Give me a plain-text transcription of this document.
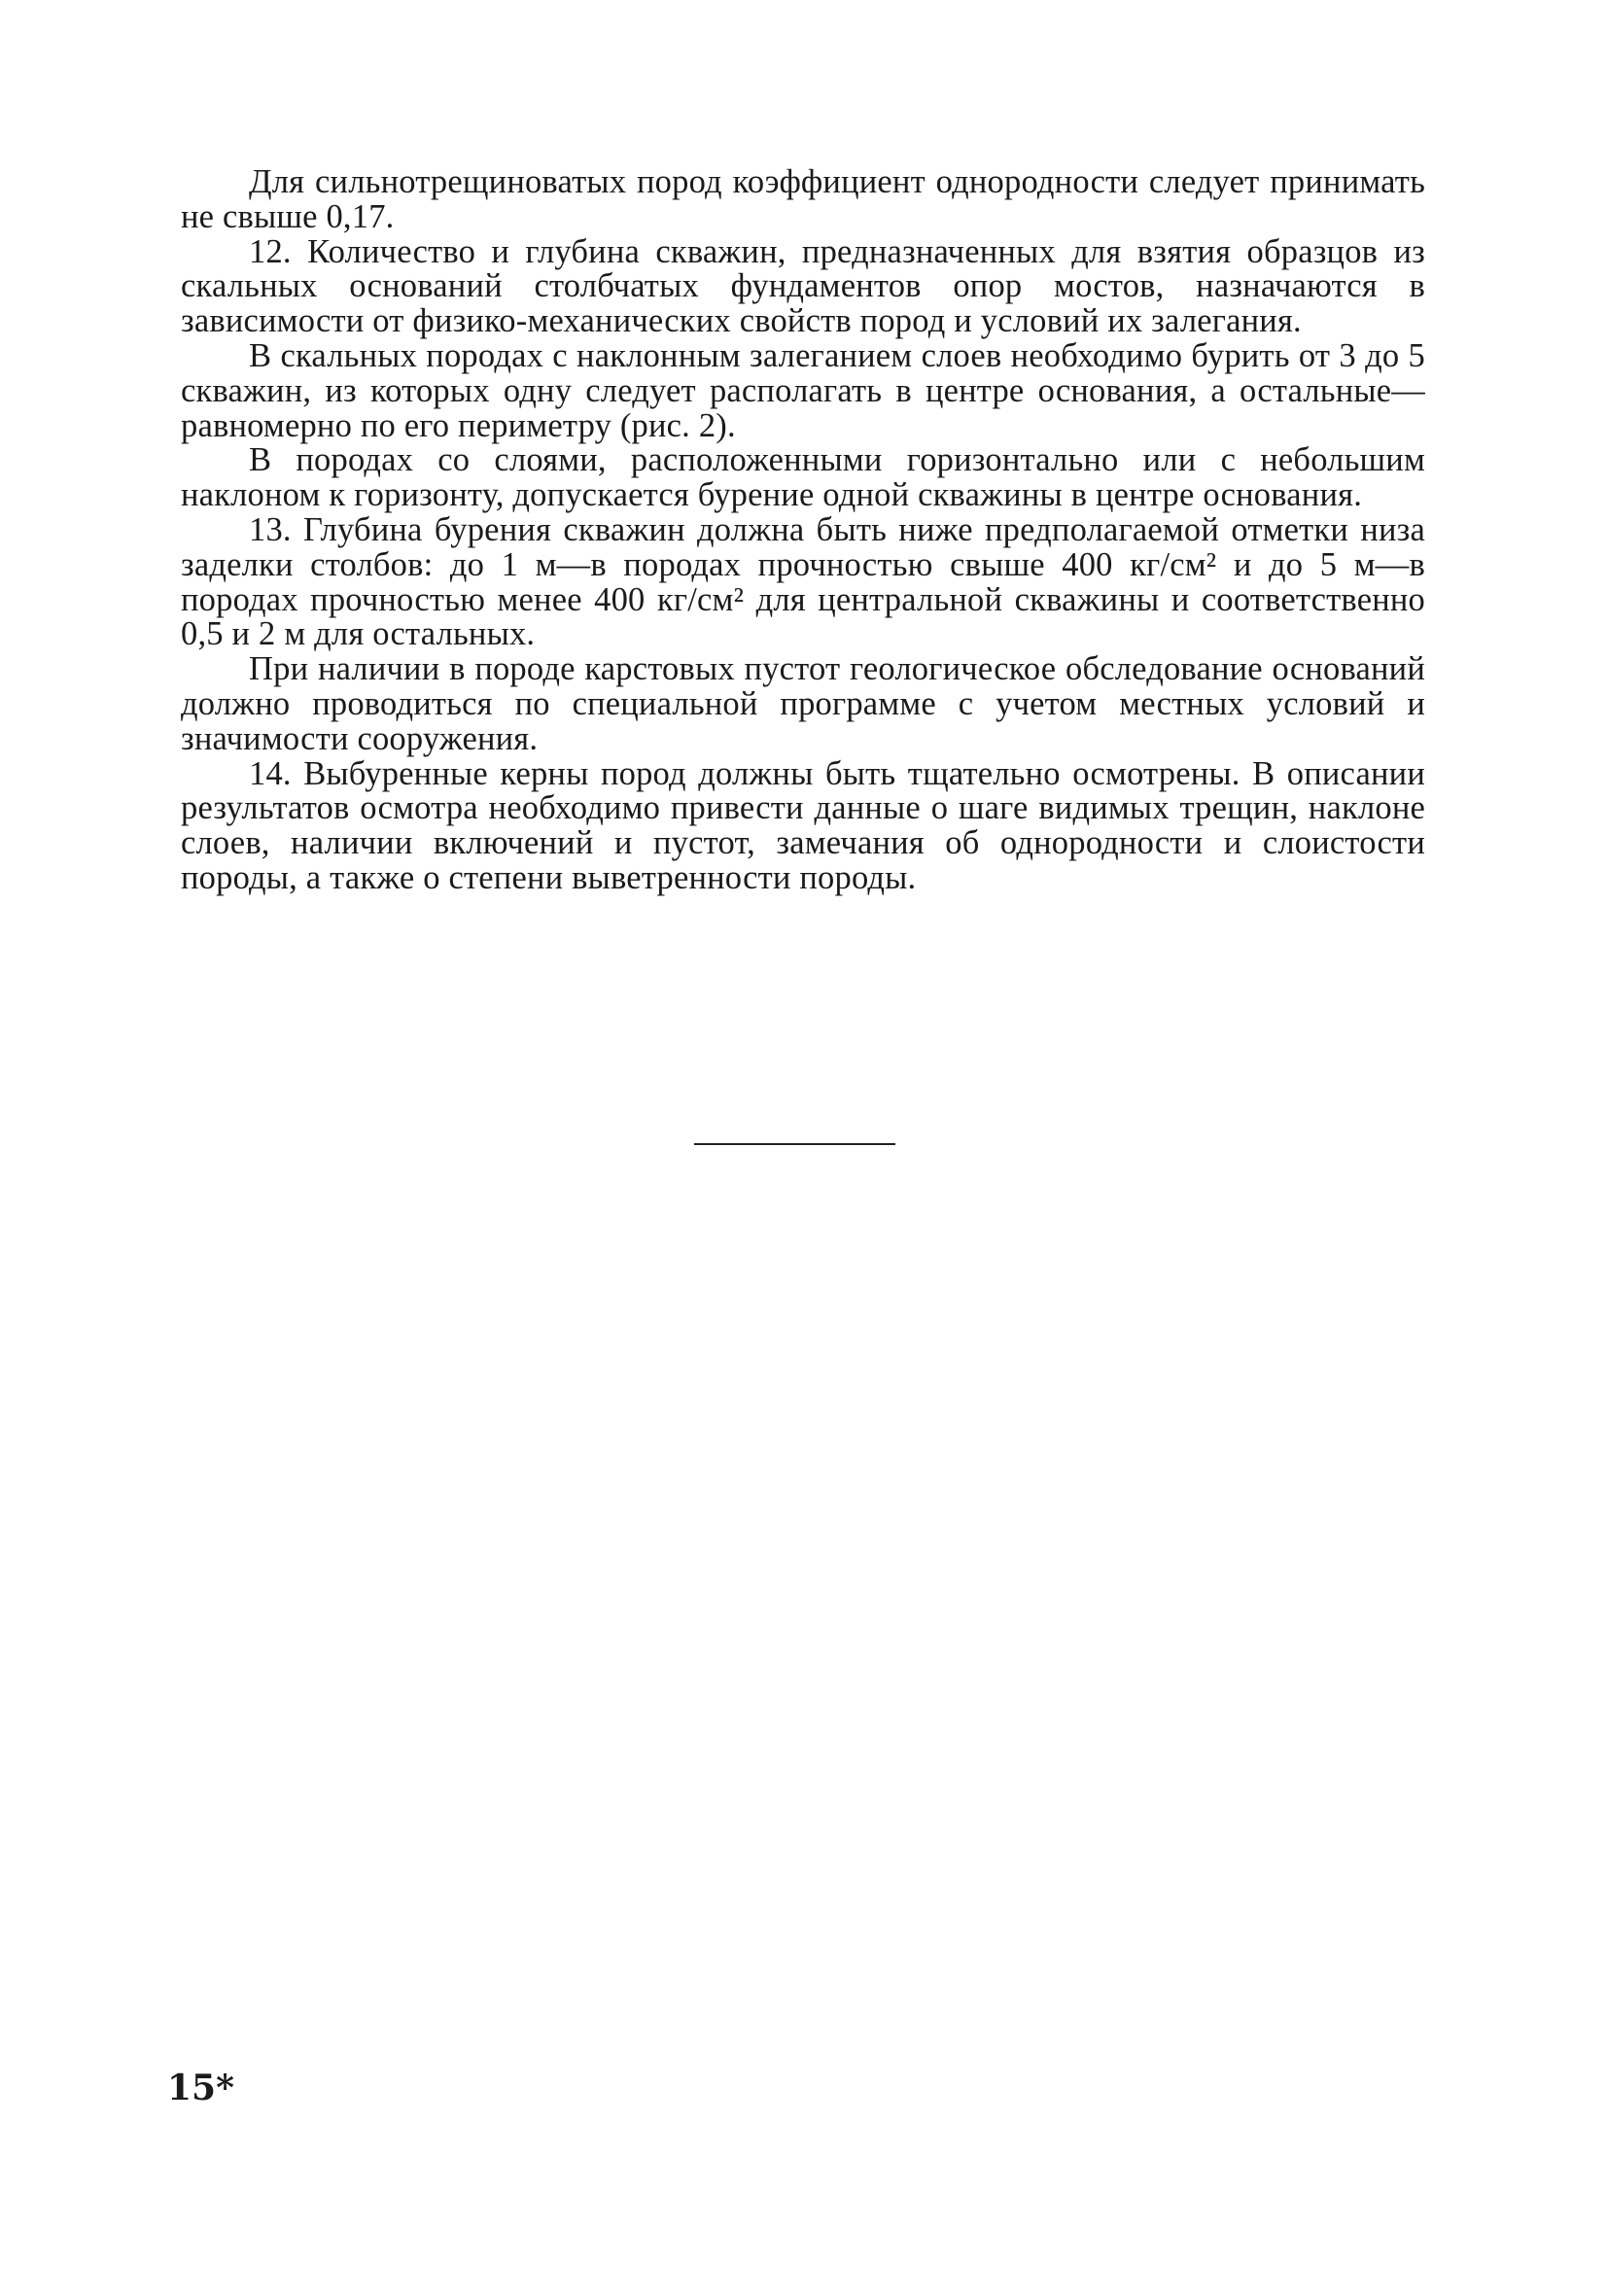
Для сильнотрещиноватых пород коэффициент однородности следует принимать не свыше 0,17.

12. Количество и глубина скважин, предназначенных для взятия образцов из скальных оснований столбчатых фундаментов опор мостов, назначаются в зависимости от физико-механических свойств пород и условий их залегания.

В скальных породах с наклонным залеганием слоев необходимо бурить от 3 до 5 скважин, из которых одну следует располагать в центре основания, а остальные—равномерно по его периметру (рис. 2).

В породах со слоями, расположенными горизонтально или с небольшим наклоном к горизонту, допускается бурение одной скважины в центре основания.

13. Глубина бурения скважин должна быть ниже предполагаемой отметки низа заделки столбов: до 1 м—в породах прочностью свыше 400 кг/см² и до 5 м—в породах прочностью менее 400 кг/см² для центральной скважины и соответственно 0,5 и 2 м для остальных.

При наличии в породе карстовых пустот геологическое обследование оснований должно проводиться по специальной программе с учетом местных условий и значимости сооружения.

14. Выбуренные керны пород должны быть тщательно осмотрены. В описании результатов осмотра необходимо привести данные о шаге видимых трещин, наклоне слоев, наличии включений и пустот, замечания об однородности и слоистости породы, а также о степени выветренности породы.

15*
